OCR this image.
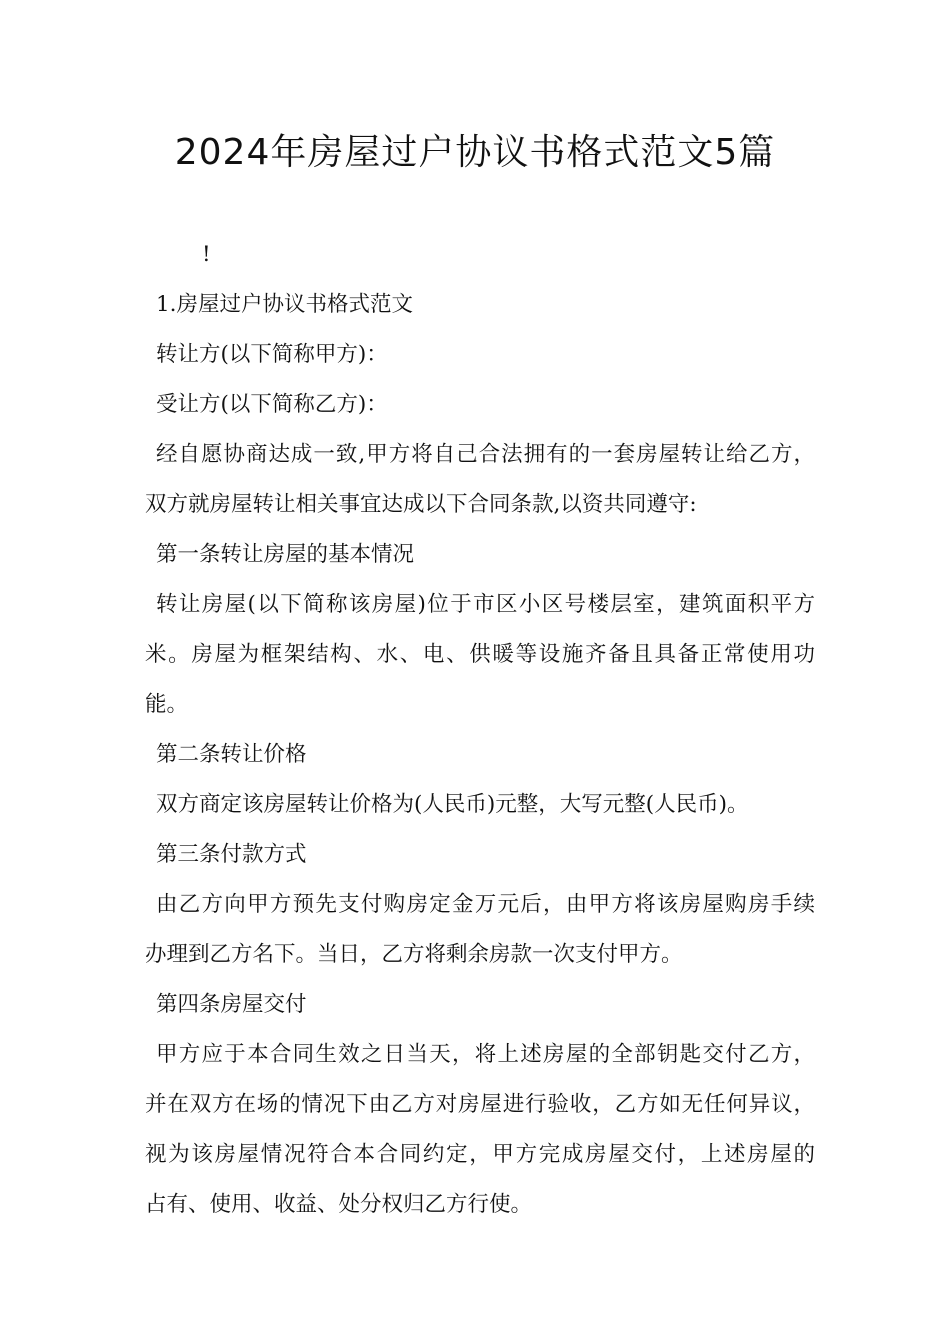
2024年房屋过户协议书格式范文5篇
!
1.房屋过户协议书格式范文
转让方(以下简称甲方)：
受让方(以下简称乙方)：
经自愿协商达成一致,甲方将自己合法拥有的一套房屋转让给乙方，
双方就房屋转让相关事宜达成以下合同条款,以资共同遵守:
第一条转让房屋的基本情况
转让房屋(以下简称该房屋)位于市区小区号楼层室，建筑面积平方
米。房屋为框架结构、水、电、供暖等设施齐备且具备正常使用功
能。
第二条转让价格
双方商定该房屋转让价格为(人民币)元整，大写元整(人民币)。
第三条付款方式
由乙方向甲方预先支付购房定金万元后，由甲方将该房屋购房手续
办理到乙方名下。当日，乙方将剩余房款一次支付甲方。
第四条房屋交付
甲方应于本合同生效之日当天，将上述房屋的全部钥匙交付乙方，
并在双方在场的情况下由乙方对房屋进行验收，乙方如无任何异议，
视为该房屋情况符合本合同约定，甲方完成房屋交付，上述房屋的
占有、使用、收益、处分权归乙方行使。
